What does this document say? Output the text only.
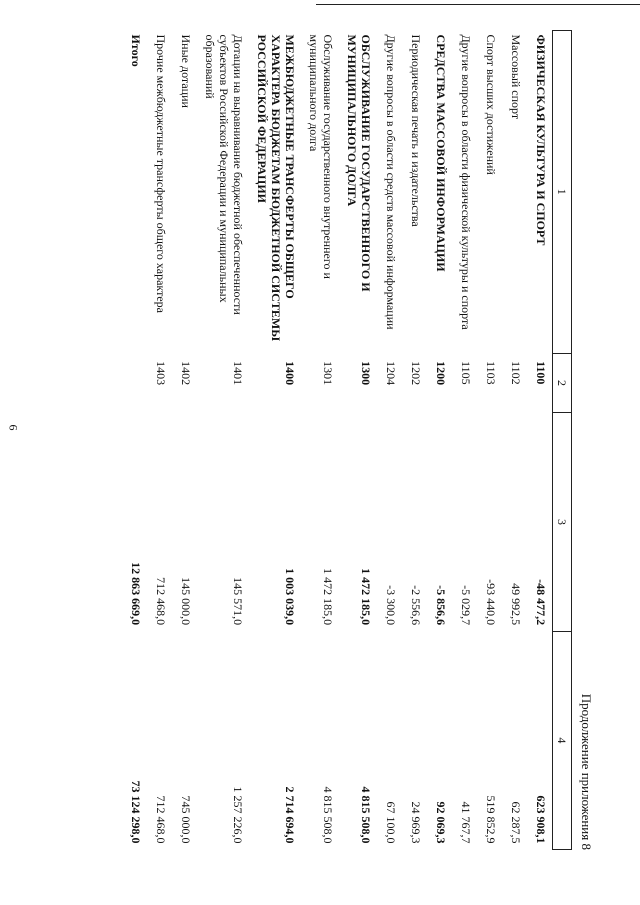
6
Продолжение приложения 8
1	2	3	4
ФИЗИЧЕСКАЯ КУЛЬТУРА И СПОРТ	1100	-48 477,2	623 908,1
Массовый спорт	1102	49 992,5	62 287,5
Спорт высших достижений	1103	-93 440,0	519 852,9
Другие вопросы в области физической культуры и спорта	1105	-5 029,7	41 767,7
СРЕДСТВА МАССОВОЙ ИНФОРМАЦИИ	1200	-5 856,6	92 069,3
Периодическая печать и издательства	1202	-2 556,6	24 969,3
Другие вопросы в области средств массовой информации	1204	-3 300,0	67 100,0
ОБСЛУЖИВАНИЕ ГОСУДАРСТВЕННОГО И МУНИЦИПАЛЬНОГО ДОЛГА	1300	1 472 185,0	4 815 508,0
Обслуживание государственного внутреннего и муниципального долга	1301	1 472 185,0	4 815 508,0
МЕЖБЮДЖЕТНЫЕ ТРАНСФЕРТЫ ОБЩЕГО ХАРАКТЕРА БЮДЖЕТАМ БЮДЖЕТНОЙ СИСТЕМЫ РОССИЙСКОЙ ФЕДЕРАЦИИ	1400	1 003 039,0	2 714 694,0
Дотации на выравнивание бюджетной обеспеченности субъектов Российской Федерации и муниципальных образований	1401	145 571,0	1 257 226,0
Иные дотации	1402	145 000,0	745 000,0
Прочие межбюджетные трансферты общего характера	1403	712 468,0	712 468,0
Итого		12 863 669,0	73 124 298,0
